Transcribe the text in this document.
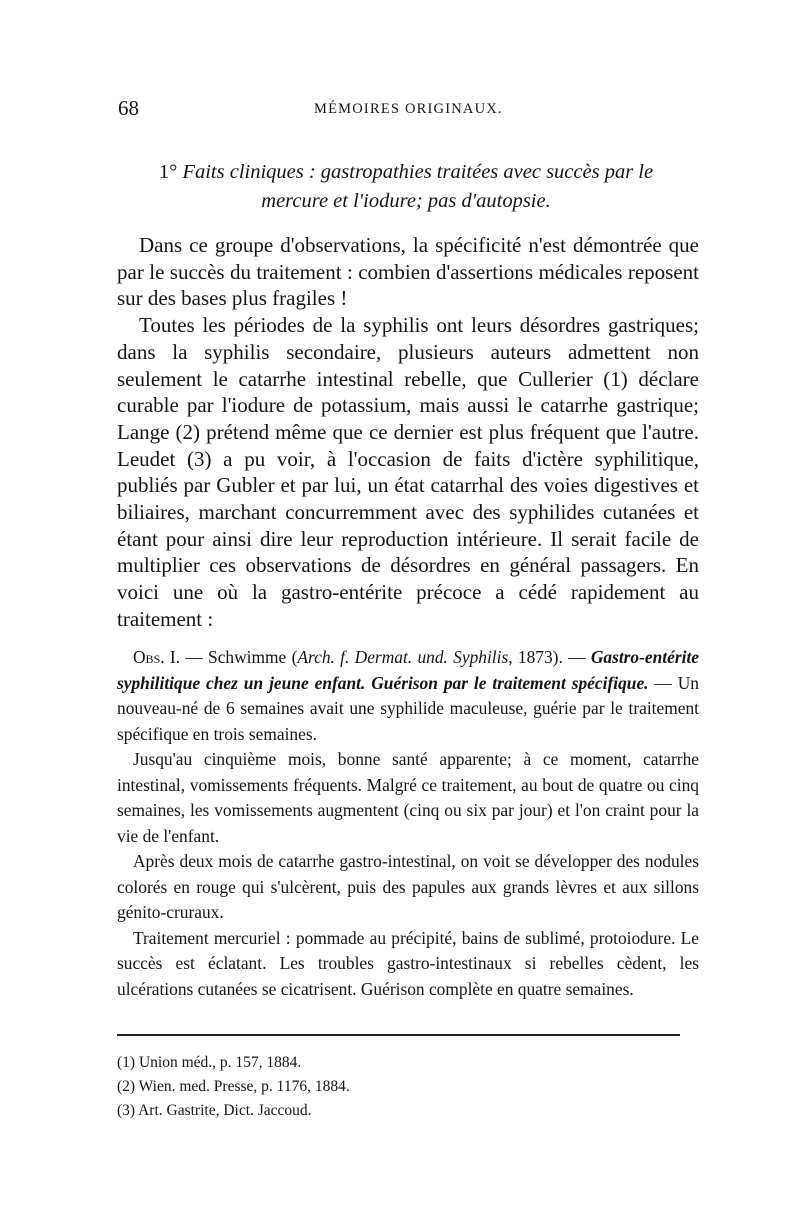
68	MÉMOIRES ORIGINAUX.
1° Faits cliniques : gastropathies traitées avec succès par le
mercure et l'iodure; pas d'autopsie.

Dans ce groupe d'observations, la spécificité n'est démontrée que par le succès du traitement : combien d'assertions médicales reposent sur des bases plus fragiles !

Toutes les périodes de la syphilis ont leurs désordres gastriques; dans la syphilis secondaire, plusieurs auteurs admettent non seulement le catarrhe intestinal rebelle, que Cullerier (1) déclare curable par l'iodure de potassium, mais aussi le catarrhe gastrique; Lange (2) prétend même que ce dernier est plus fréquent que l'autre. Leudet (3) a pu voir, à l'occasion de faits d'ictère syphilitique, publiés par Gubler et par lui, un état catarrhal des voies digestives et biliaires, marchant concurremment avec des syphilides cutanées et étant pour ainsi dire leur reproduction intérieure. Il serait facile de multiplier ces observations de désordres en général passagers. En voici une où la gastro-entérite précoce a cédé rapidement au traitement :

Obs. I. — Schwimme (Arch. f. Dermat. und. Syphilis, 1873). — Gastro-entérite syphilitique chez un jeune enfant. Guérison par le traitement spécifique. — Un nouveau-né de 6 semaines avait une syphilide maculeuse, guérie par le traitement spécifique en trois semaines.

Jusqu'au cinquième mois, bonne santé apparente; à ce moment, catarrhe intestinal, vomissements fréquents. Malgré ce traitement, au bout de quatre ou cinq semaines, les vomissements augmentent (cinq ou six par jour) et l'on craint pour la vie de l'enfant.

Après deux mois de catarrhe gastro-intestinal, on voit se développer des nodules colorés en rouge qui s'ulcèrent, puis des papules aux grands lèvres et aux sillons génito-cruraux.

Traitement mercuriel : pommade au précipité, bains de sublimé, protoiodure. Le succès est éclatant. Les troubles gastro-intestinaux si rebelles cèdent, les ulcérations cutanées se cicatrisent. Guérison complète en quatre semaines.

(1) Union méd., p. 157, 1884.

(2) Wien. med. Presse, p. 1176, 1884.

(3) Art. Gastrite, Dict. Jaccoud.
